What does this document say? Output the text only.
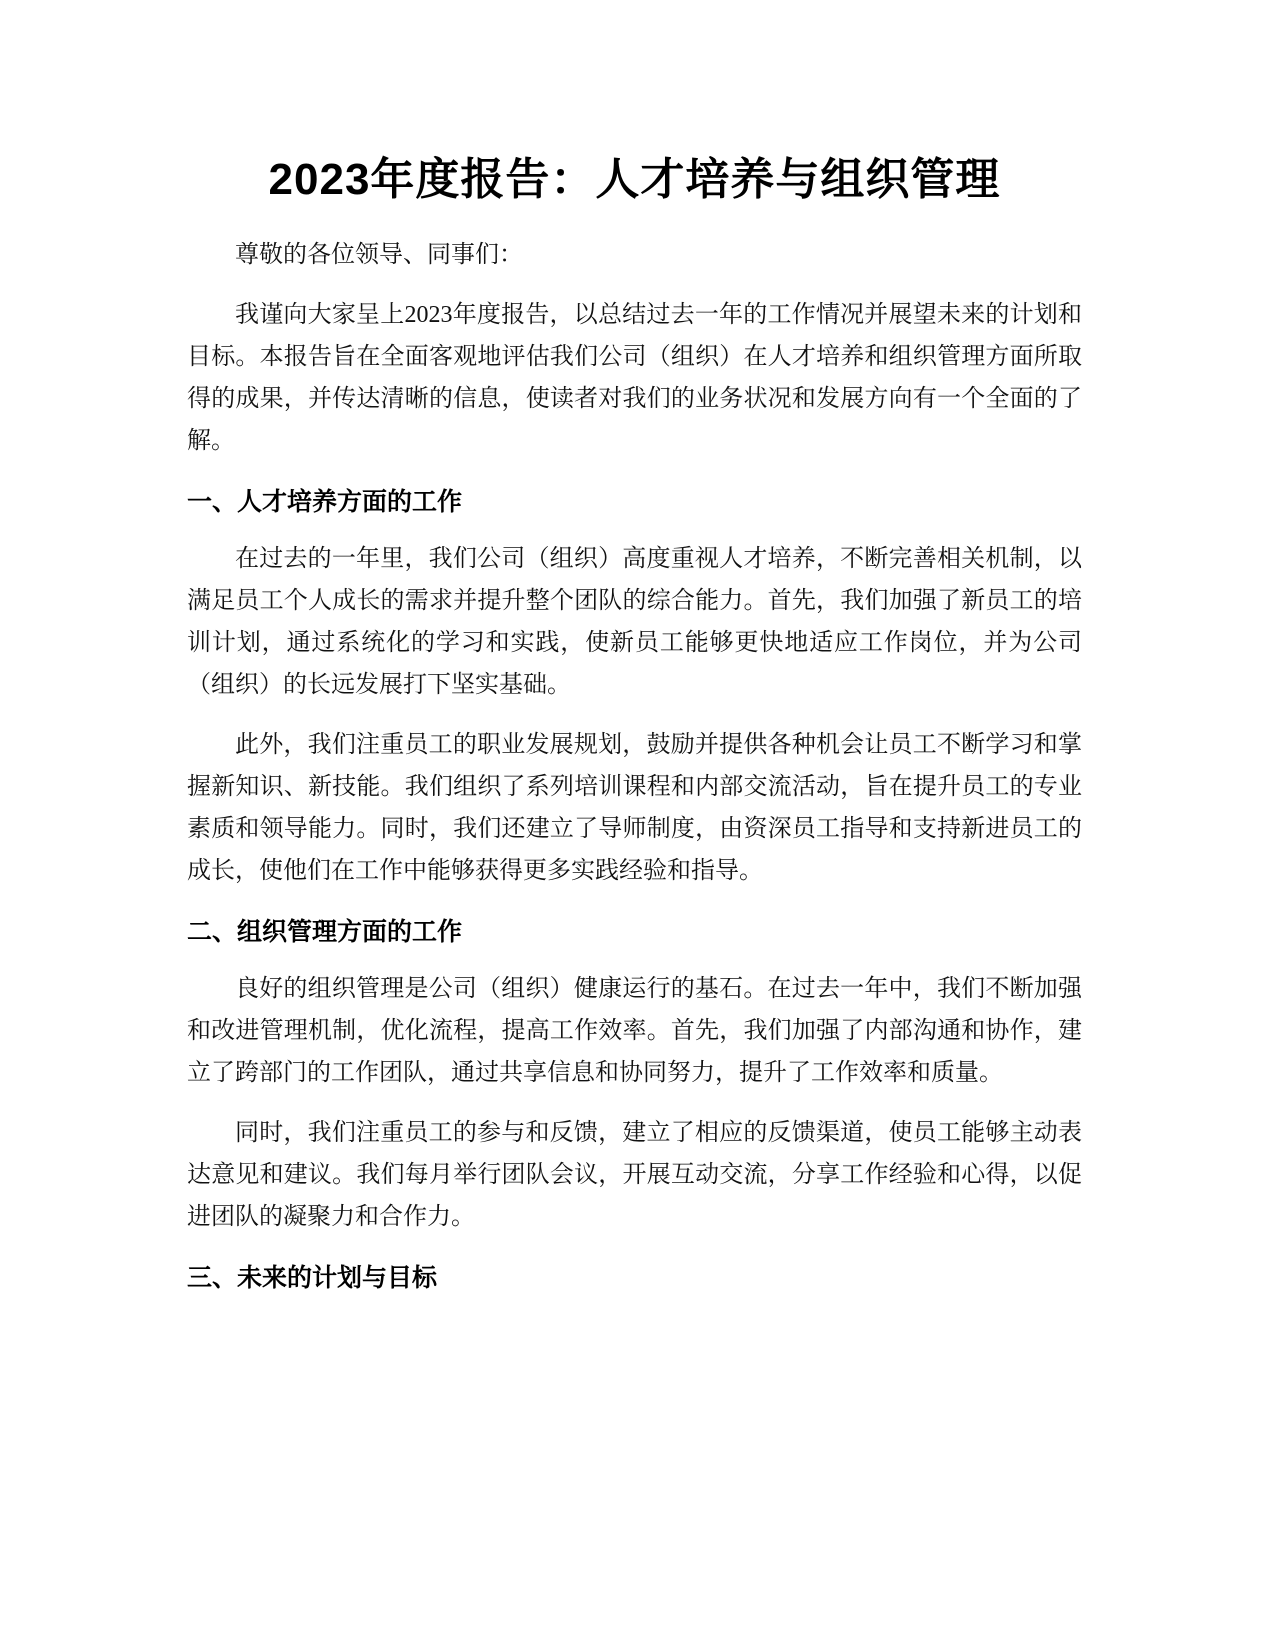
2023年度报告：人才培养与组织管理

尊敬的各位领导、同事们：

我谨向大家呈上2023年度报告，以总结过去一年的工作情况并展望未来的计划和目标。本报告旨在全面客观地评估我们公司（组织）在人才培养和组织管理方面所取得的成果，并传达清晰的信息，使读者对我们的业务状况和发展方向有一个全面的了解。

一、人才培养方面的工作

在过去的一年里，我们公司（组织）高度重视人才培养，不断完善相关机制，以满足员工个人成长的需求并提升整个团队的综合能力。首先，我们加强了新员工的培训计划，通过系统化的学习和实践，使新员工能够更快地适应工作岗位，并为公司（组织）的长远发展打下坚实基础。

此外，我们注重员工的职业发展规划，鼓励并提供各种机会让员工不断学习和掌握新知识、新技能。我们组织了系列培训课程和内部交流活动，旨在提升员工的专业素质和领导能力。同时，我们还建立了导师制度，由资深员工指导和支持新进员工的成长，使他们在工作中能够获得更多实践经验和指导。

二、组织管理方面的工作

良好的组织管理是公司（组织）健康运行的基石。在过去一年中，我们不断加强和改进管理机制，优化流程，提高工作效率。首先，我们加强了内部沟通和协作，建立了跨部门的工作团队，通过共享信息和协同努力，提升了工作效率和质量。

同时，我们注重员工的参与和反馈，建立了相应的反馈渠道，使员工能够主动表达意见和建议。我们每月举行团队会议，开展互动交流，分享工作经验和心得，以促进团队的凝聚力和合作力。

三、未来的计划与目标
